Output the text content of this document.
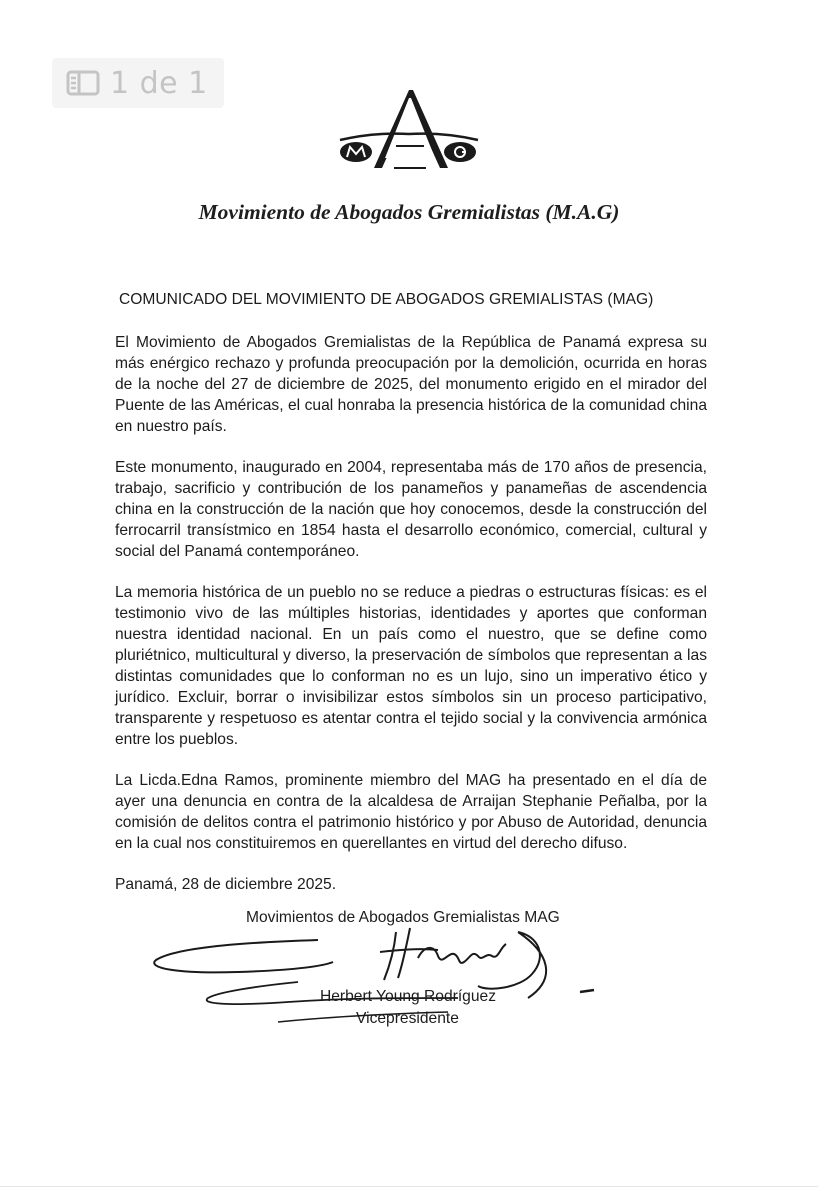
1 de 1
Movimiento de Abogados Gremialistas (M.A.G)
COMUNICADO DEL MOVIMIENTO DE ABOGADOS GREMIALISTAS (MAG)

El Movimiento de Abogados Gremialistas de la República de Panamá expresa su más enérgico rechazo y profunda preocupación por la demolición, ocurrida en horas de la noche del 27 de diciembre de 2025, del monumento erigido en el mirador del Puente de las Américas, el cual honraba la presencia histórica de la comunidad china en nuestro país.

Este monumento, inaugurado en 2004, representaba más de 170 años de presencia, trabajo, sacrificio y contribución de los panameños y panameñas de ascendencia china en la construcción de la nación que hoy conocemos, desde la construcción del ferrocarril transístmico en 1854 hasta el desarrollo económico, comercial, cultural y social del Panamá contemporáneo.

La memoria histórica de un pueblo no se reduce a piedras o estructuras físicas: es el testimonio vivo de las múltiples historias, identidades y aportes que conforman nuestra identidad nacional. En un país como el nuestro, que se define como pluriétnico, multicultural y diverso, la preservación de símbolos que representan a las distintas comunidades que lo conforman no es un lujo, sino un imperativo ético y jurídico. Excluir, borrar o invisibilizar estos símbolos sin un proceso participativo, transparente y respetuoso es atentar contra el tejido social y la convivencia armónica entre los pueblos.

La Licda.Edna Ramos, prominente miembro del MAG ha presentado en el día de ayer una denuncia en contra de la alcaldesa de Arraijan Stephanie Peñalba, por la comisión de delitos contra el patrimonio histórico y por Abuso de Autoridad, denuncia en la cual nos constituiremos en querellantes en virtud del derecho difuso.

Panamá, 28 de diciembre 2025.

Movimientos de Abogados Gremialistas MAG
Herbert Young Rodríguez
Vicepresidente
